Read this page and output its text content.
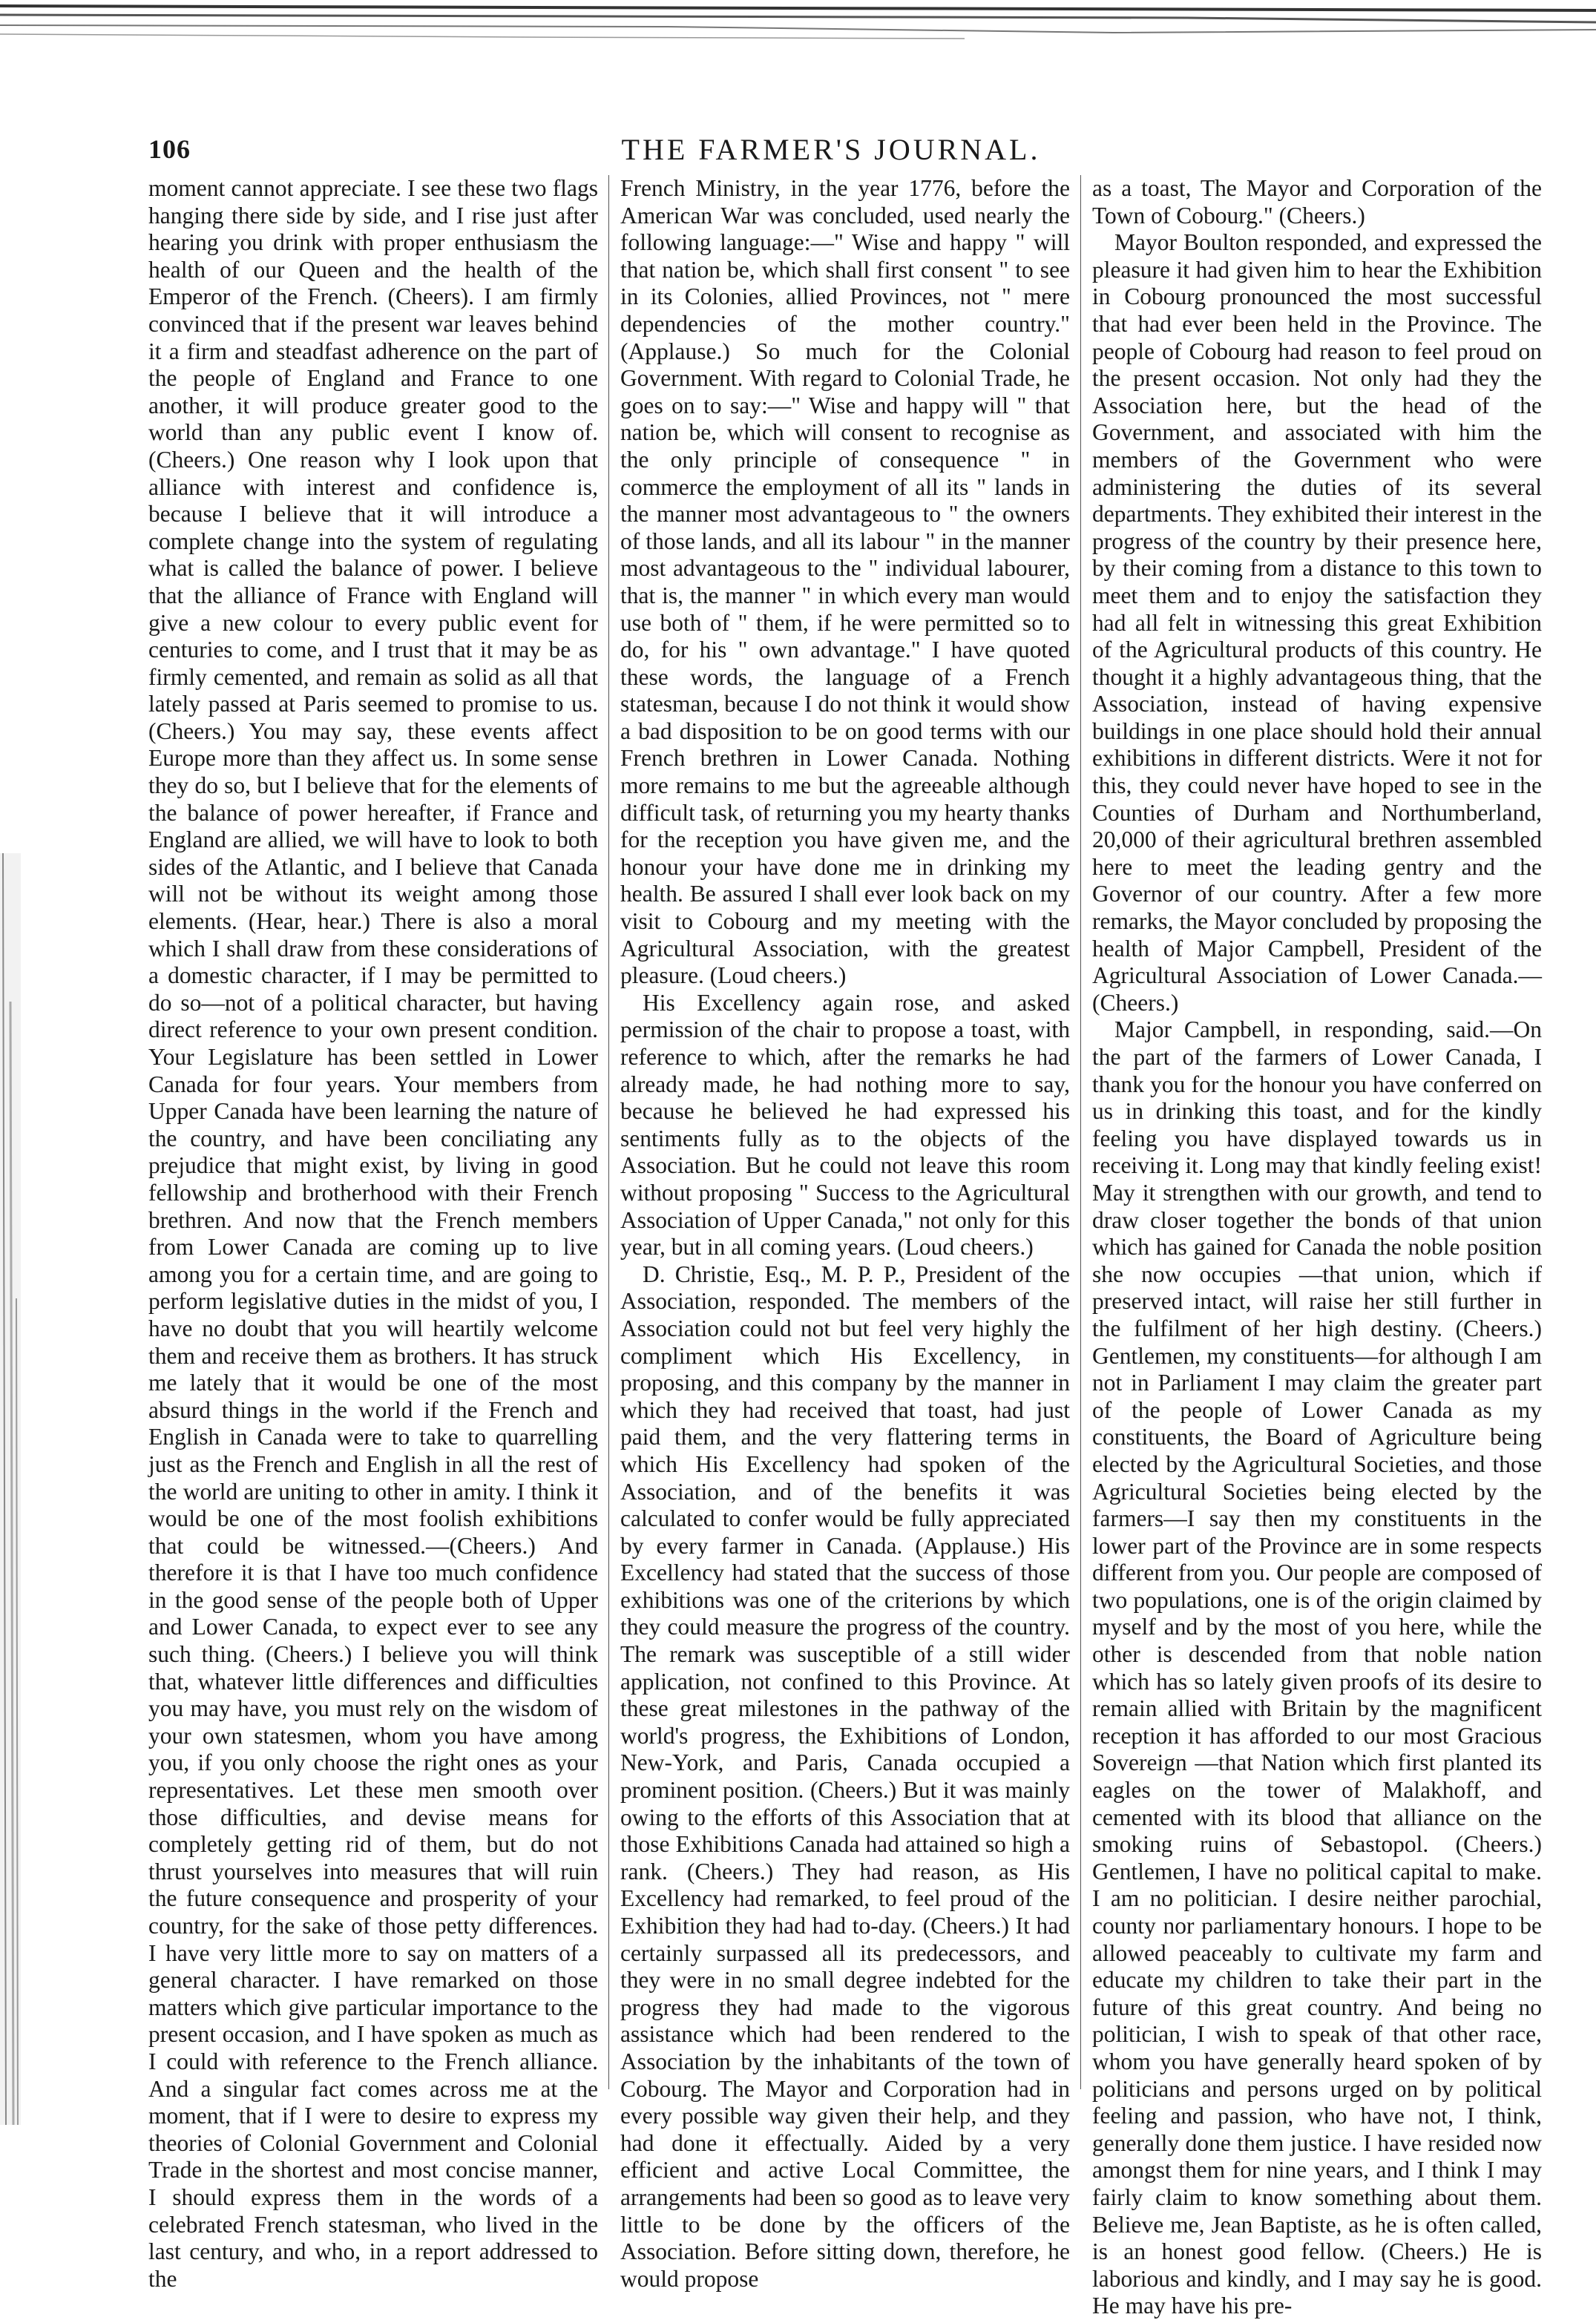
106	THE FARMER'S JOURNAL.

moment cannot appreciate. I see these two flags hanging there side by side, and I rise just after hearing you drink with proper enthusiasm the health of our Queen and the health of the Emperor of the French. (Cheers). I am firmly convinced that if the present war leaves behind it a firm and steadfast adherence on the part of the people of England and France to one another, it will produce greater good to the world than any public event I know of. (Cheers.) One reason why I look upon that alliance with interest and confidence is, because I believe that it will introduce a complete change into the system of regulating what is called the balance of power. I believe that the alliance of France with England will give a new colour to every public event for centuries to come, and I trust that it may be as firmly cemented, and remain as solid as all that lately passed at Paris seemed to promise to us. (Cheers.) You may say, these events affect Europe more than they affect us. In some sense they do so, but I believe that for the elements of the balance of power hereafter, if France and England are allied, we will have to look to both sides of the Atlantic, and I believe that Canada will not be without its weight among those elements. (Hear, hear.) There is also a moral which I shall draw from these considerations of a domestic character, if I may be permitted to do so—not of a political character, but having direct reference to your own present condition. Your Legislature has been settled in Lower Canada for four years. Your members from Upper Canada have been learning the nature of the country, and have been conciliating any prejudice that might exist, by living in good fellowship and brotherhood with their French brethren. And now that the French members from Lower Canada are coming up to live among you for a certain time, and are going to perform legislative duties in the midst of you, I have no doubt that you will heartily welcome them and receive them as brothers. It has struck me lately that it would be one of the most absurd things in the world if the French and English in Canada were to take to quarrelling just as the French and English in all the rest of the world are uniting to other in amity. I think it would be one of the most foolish exhibitions that could be witnessed.—(Cheers.) And therefore it is that I have too much confidence in the good sense of the people both of Upper and Lower Canada, to expect ever to see any such thing. (Cheers.) I believe you will think that, whatever little differences and difficulties you may have, you must rely on the wisdom of your own statesmen, whom you have among you, if you only choose the right ones as your representatives. Let these men smooth over those difficulties, and devise means for completely getting rid of them, but do not thrust yourselves into measures that will ruin the future consequence and prosperity of your country, for the sake of those petty differences. I have very little more to say on matters of a general character. I have remarked on those matters which give particular importance to the present occasion, and I have spoken as much as I could with reference to the French alliance. And a singular fact comes across me at the moment, that if I were to desire to express my theories of Colonial Government and Colonial Trade in the shortest and most concise manner, I should express them in the words of a celebrated French statesman, who lived in the last century, and who, in a report addressed to the

French Ministry, in the year 1776, before the American War was concluded, used nearly the following language:—" Wise and happy " will that nation be, which shall first consent " to see in its Colonies, allied Provinces, not " mere dependencies of the mother country." (Applause.) So much for the Colonial Government. With regard to Colonial Trade, he goes on to say:—" Wise and happy will " that nation be, which will consent to recognise as the only principle of consequence " in commerce the employment of all its " lands in the manner most advantageous to " the owners of those lands, and all its labour " in the manner most advantageous to the " individual labourer, that is, the manner " in which every man would use both of " them, if he were permitted so to do, for his " own advantage." I have quoted these words, the language of a French statesman, because I do not think it would show a bad disposition to be on good terms with our French brethren in Lower Canada. Nothing more remains to me but the agreeable although difficult task, of returning you my hearty thanks for the reception you have given me, and the honour your have done me in drinking my health. Be assured I shall ever look back on my visit to Cobourg and my meeting with the Agricultural Association, with the greatest pleasure. (Loud cheers.)

His Excellency again rose, and asked permission of the chair to propose a toast, with reference to which, after the remarks he had already made, he had nothing more to say, because he believed he had expressed his sentiments fully as to the objects of the Association. But he could not leave this room without proposing " Success to the Agricultural Association of Upper Canada," not only for this year, but in all coming years. (Loud cheers.)

D. Christie, Esq., M. P. P., President of the Association, responded. The members of the Association could not but feel very highly the compliment which His Excellency, in proposing, and this company by the manner in which they had received that toast, had just paid them, and the very flattering terms in which His Excellency had spoken of the Association, and of the benefits it was calculated to confer would be fully appreciated by every farmer in Canada. (Applause.) His Excellency had stated that the success of those exhibitions was one of the criterions by which they could measure the progress of the country. The remark was susceptible of a still wider application, not confined to this Province. At these great milestones in the pathway of the world's progress, the Exhibitions of London, New-York, and Paris, Canada occupied a prominent position. (Cheers.) But it was mainly owing to the efforts of this Association that at those Exhibitions Canada had attained so high a rank. (Cheers.) They had reason, as His Excellency had remarked, to feel proud of the Exhibition they had had to-day. (Cheers.) It had certainly surpassed all its predecessors, and they were in no small degree indebted for the progress they had made to the vigorous assistance which had been rendered to the Association by the inhabitants of the town of Cobourg. The Mayor and Corporation had in every possible way given their help, and they had done it effectually. Aided by a very efficient and active Local Committee, the arrangements had been so good as to leave very little to be done by the officers of the Association. Before sitting down, therefore, he would propose

as a toast, The Mayor and Corporation of the Town of Cobourg." (Cheers.)

Mayor Boulton responded, and expressed the pleasure it had given him to hear the Exhibition in Cobourg pronounced the most successful that had ever been held in the Province. The people of Cobourg had reason to feel proud on the present occasion. Not only had they the Association here, but the head of the Government, and associated with him the members of the Government who were administering the duties of its several departments. They exhibited their interest in the progress of the country by their presence here, by their coming from a distance to this town to meet them and to enjoy the satisfaction they had all felt in witnessing this great Exhibition of the Agricultural products of this country. He thought it a highly advantageous thing, that the Association, instead of having expensive buildings in one place should hold their annual exhibitions in different districts. Were it not for this, they could never have hoped to see in the Counties of Durham and Northumberland, 20,000 of their agricultural brethren assembled here to meet the leading gentry and the Governor of our country. After a few more remarks, the Mayor concluded by proposing the health of Major Campbell, President of the Agricultural Association of Lower Canada.—(Cheers.)

Major Campbell, in responding, said.—On the part of the farmers of Lower Canada, I thank you for the honour you have conferred on us in drinking this toast, and for the kindly feeling you have displayed towards us in receiving it. Long may that kindly feeling exist! May it strengthen with our growth, and tend to draw closer together the bonds of that union which has gained for Canada the noble position she now occupies —that union, which if preserved intact, will raise her still further in the fulfilment of her high destiny. (Cheers.) Gentlemen, my constituents—for although I am not in Parliament I may claim the greater part of the people of Lower Canada as my constituents, the Board of Agriculture being elected by the Agricultural Societies, and those Agricultural Societies being elected by the farmers—I say then my constituents in the lower part of the Province are in some respects different from you. Our people are composed of two populations, one is of the origin claimed by myself and by the most of you here, while the other is descended from that noble nation which has so lately given proofs of its desire to remain allied with Britain by the magnificent reception it has afforded to our most Gracious Sovereign —that Nation which first planted its eagles on the tower of Malakhoff, and cemented with its blood that alliance on the smoking ruins of Sebastopol. (Cheers.) Gentlemen, I have no political capital to make. I am no politician. I desire neither parochial, county nor parliamentary honours. I hope to be allowed peaceably to cultivate my farm and educate my children to take their part in the future of this great country. And being no politician, I wish to speak of that other race, whom you have generally heard spoken of by politicians and persons urged on by political feeling and passion, who have not, I think, generally done them justice. I have resided now amongst them for nine years, and I think I may fairly claim to know something about them. Believe me, Jean Baptiste, as he is often called, is an honest good fellow. (Cheers.) He is laborious and kindly, and I may say he is good. He may have his pre-
